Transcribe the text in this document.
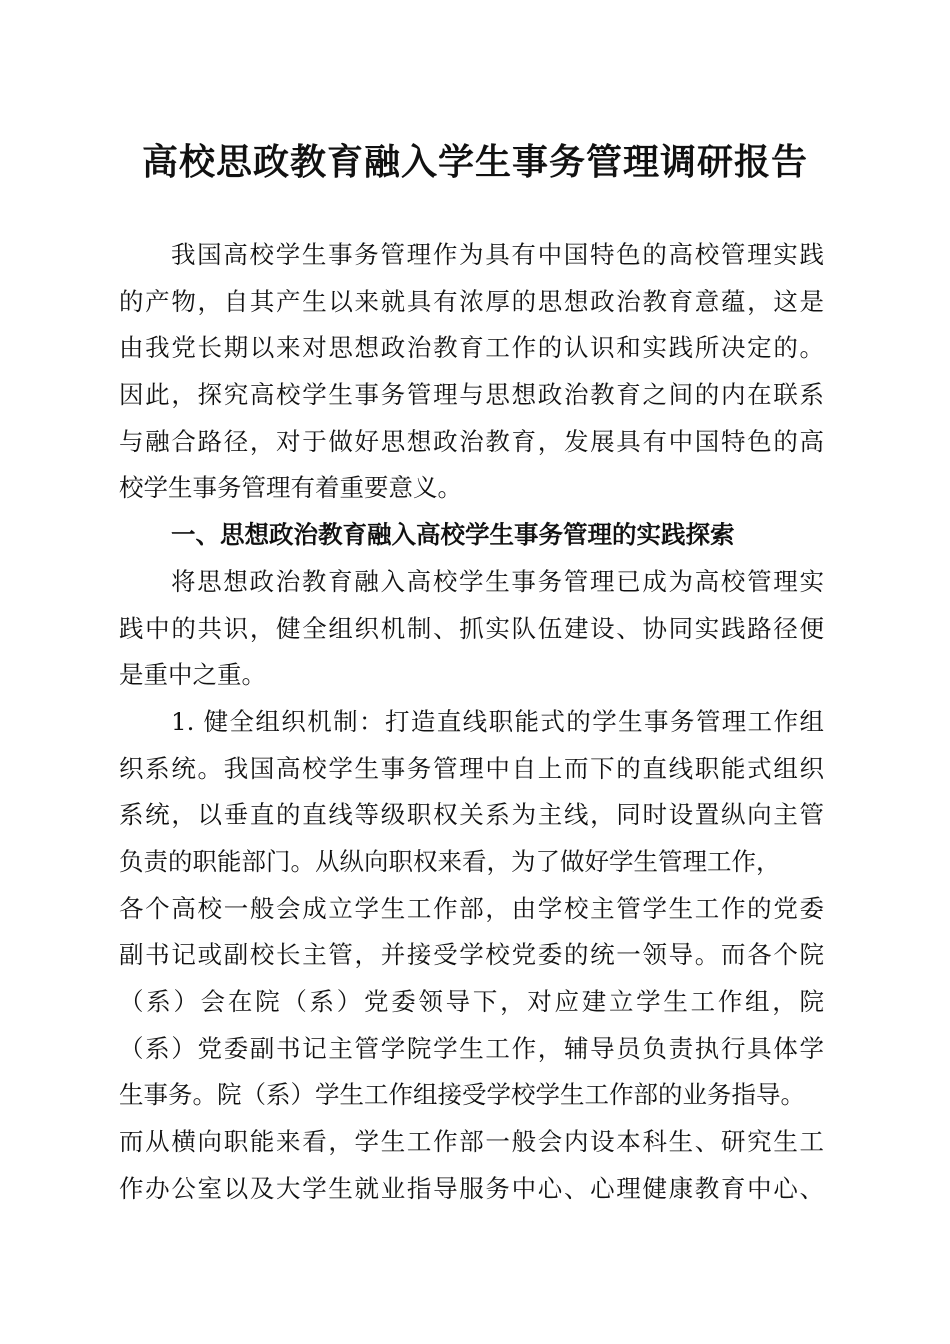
高校思政教育融入学生事务管理调研报告
我国高校学生事务管理作为具有中国特色的高校管理实践
的产物，自其产生以来就具有浓厚的思想政治教育意蕴，这是
由我党长期以来对思想政治教育工作的认识和实践所决定的。
因此，探究高校学生事务管理与思想政治教育之间的内在联系
与融合路径，对于做好思想政治教育，发展具有中国特色的高
校学生事务管理有着重要意义。
一、思想政治教育融入高校学生事务管理的实践探索
将思想政治教育融入高校学生事务管理已成为高校管理实
践中的共识，健全组织机制、抓实队伍建设、协同实践路径便
是重中之重。
1. 健全组织机制：打造直线职能式的学生事务管理工作组
织系统。我国高校学生事务管理中自上而下的直线职能式组织
系统，以垂直的直线等级职权关系为主线，同时设置纵向主管
负责的职能部门。从纵向职权来看，为了做好学生管理工作，
各个高校一般会成立学生工作部，由学校主管学生工作的党委
副书记或副校长主管，并接受学校党委的统一领导。而各个院
（系）会在院（系）党委领导下，对应建立学生工作组，院
（系）党委副书记主管学院学生工作，辅导员负责执行具体学
生事务。院（系）学生工作组接受学校学生工作部的业务指导。
而从横向职能来看，学生工作部一般会内设本科生、研究生工
作办公室以及大学生就业指导服务中心、心理健康教育中心、
